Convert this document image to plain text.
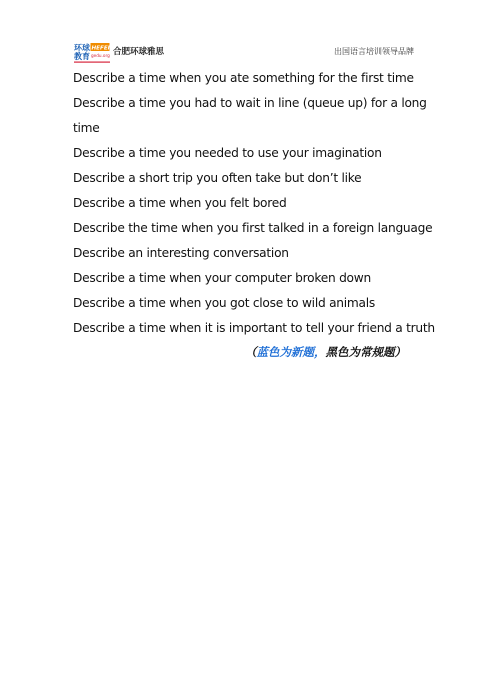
环球
教育
HEFEI
gedu.org 合肥环球雅思	出国语言培训领导品牌
Describe a time when you ate something for the first time
Describe a time you had to wait in line (queue up) for a long
time
Describe a time you needed to use your imagination
Describe a short trip you often take but don’t like
Describe a time when you felt bored
Describe the time when you first talked in a foreign language
Describe an interesting conversation
Describe a time when your computer broken down
Describe a time when you got close to wild animals
Describe a time when it is important to tell your friend a truth
（蓝色为新题，黑色为常规题）
